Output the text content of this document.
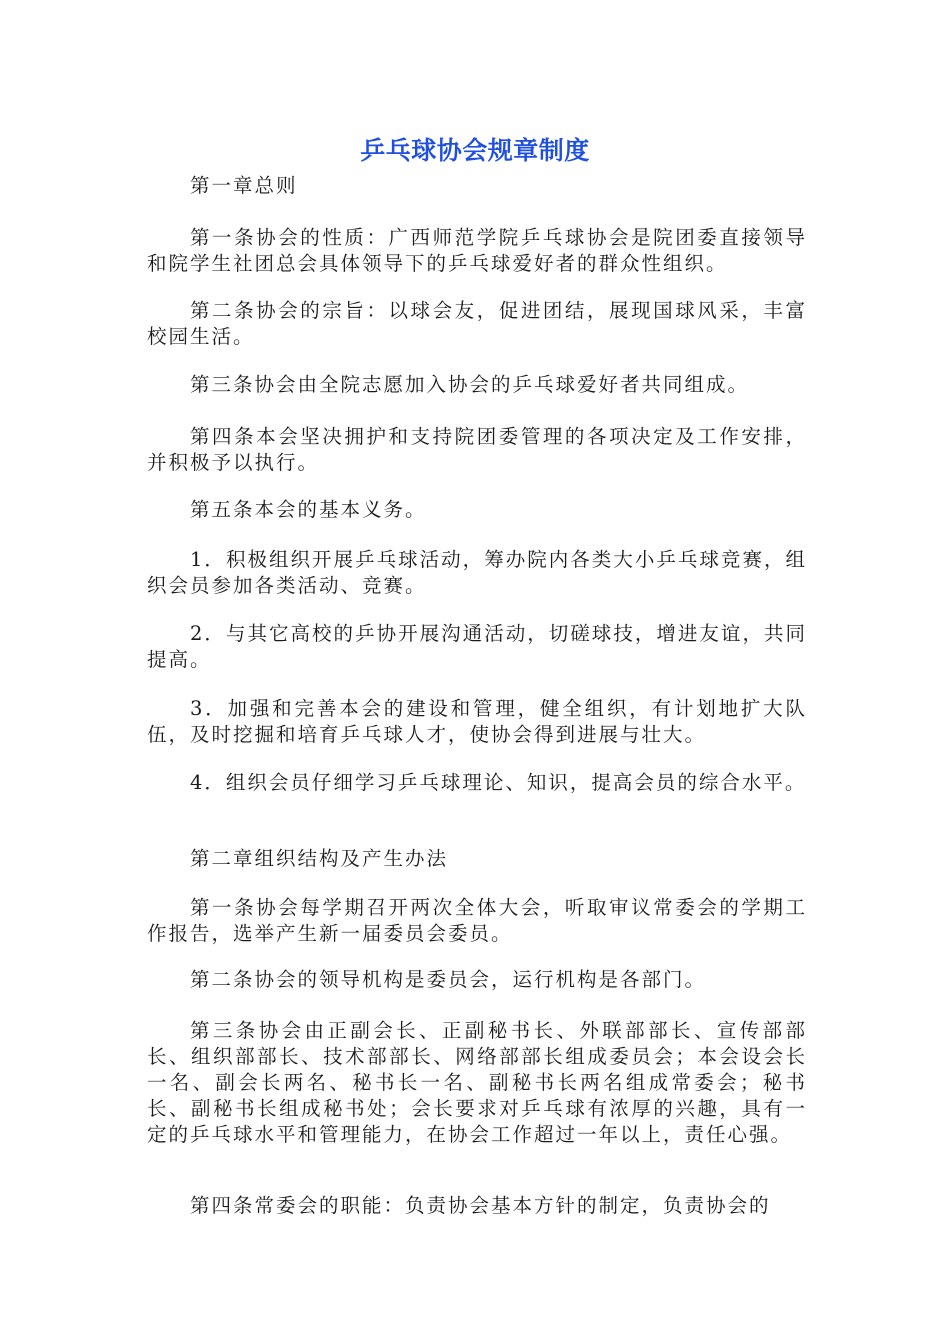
乒乓球协会规章制度

第一章总则

第一条协会的性质：广西师范学院乒乓球协会是院团委直接领导和院学生社团总会具体领导下的乒乓球爱好者的群众性组织。

第二条协会的宗旨：以球会友，促进团结，展现国球风采，丰富校园生活。

第三条协会由全院志愿加入协会的乒乓球爱好者共同组成。

第四条本会坚决拥护和支持院团委管理的各项决定及工作安排，并积极予以执行。

第五条本会的基本义务。

1．积极组织开展乒乓球活动，筹办院内各类大小乒乓球竞赛，组织会员参加各类活动、竞赛。

2．与其它高校的乒协开展沟通活动，切磋球技，增进友谊，共同提高。

3．加强和完善本会的建设和管理，健全组织，有计划地扩大队伍，及时挖掘和培育乒乓球人才，使协会得到进展与壮大。

4．组织会员仔细学习乒乓球理论、知识，提高会员的综合水平。

第二章组织结构及产生办法

第一条协会每学期召开两次全体大会，听取审议常委会的学期工作报告，选举产生新一届委员会委员。

第二条协会的领导机构是委员会，运行机构是各部门。

第三条协会由正副会长、正副秘书长、外联部部长、宣传部部长、组织部部长、技术部部长、网络部部长组成委员会；本会设会长一名、副会长两名、秘书长一名、副秘书长两名组成常委会；秘书长、副秘书长组成秘书处；会长要求对乒乓球有浓厚的兴趣，具有一定的乒乓球水平和管理能力，在协会工作超过一年以上，责任心强。

第四条常委会的职能：负责协会基本方针的制定，负责协会的
